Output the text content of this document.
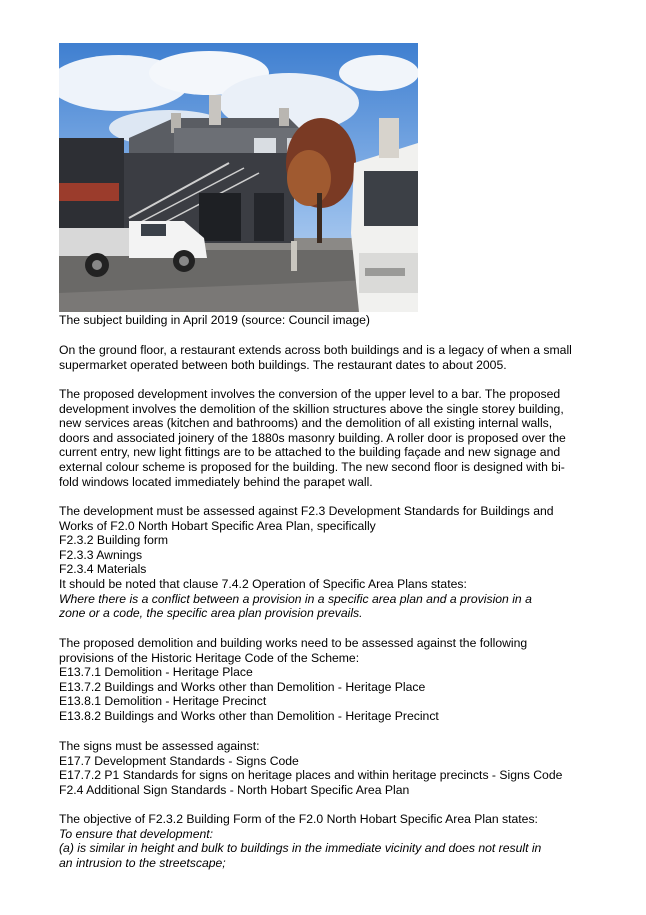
The subject building in April 2019 (source: Council image)

On the ground floor, a restaurant extends across both buildings and is a legacy of when a small

supermarket operated between both buildings. The restaurant dates to about 2005.

The proposed development involves the conversion of the upper level to a bar. The proposed

development involves the demolition of the skillion structures above the single storey building,

new services areas (kitchen and bathrooms) and the demolition of all existing internal walls,

doors and associated joinery of the 1880s masonry building. A roller door is proposed over the

current entry, new light fittings are to be attached to the building façade and new signage and

external colour scheme is proposed for the building. The new second floor is designed with bi-

fold windows located immediately behind the parapet wall.

The development must be assessed against F2.3 Development Standards for Buildings and

Works of F2.0 North Hobart Specific Area Plan, specifically

F2.3.2 Building form

F2.3.3 Awnings

F2.3.4 Materials

It should be noted that clause 7.4.2 Operation of Specific Area Plans states:

Where there is a conflict between a provision in a specific area plan and a provision in a

zone or a code, the specific area plan provision prevails.

The proposed demolition and building works need to be assessed against the following

provisions of the Historic Heritage Code of the Scheme:

E13.7.1 Demolition - Heritage Place

E13.7.2 Buildings and Works other than Demolition - Heritage Place

E13.8.1 Demolition - Heritage Precinct

E13.8.2 Buildings and Works other than Demolition - Heritage Precinct

The signs must be assessed against:

E17.7 Development Standards - Signs Code

E17.7.2 P1 Standards for signs on heritage places and within heritage precincts - Signs Code

F2.4 Additional Sign Standards - North Hobart Specific Area Plan

The objective of F2.3.2 Building Form of the F2.0 North Hobart Specific Area Plan states:

To ensure that development:

(a) is similar in height and bulk to buildings in the immediate vicinity and does not result in

an intrusion to the streetscape;
